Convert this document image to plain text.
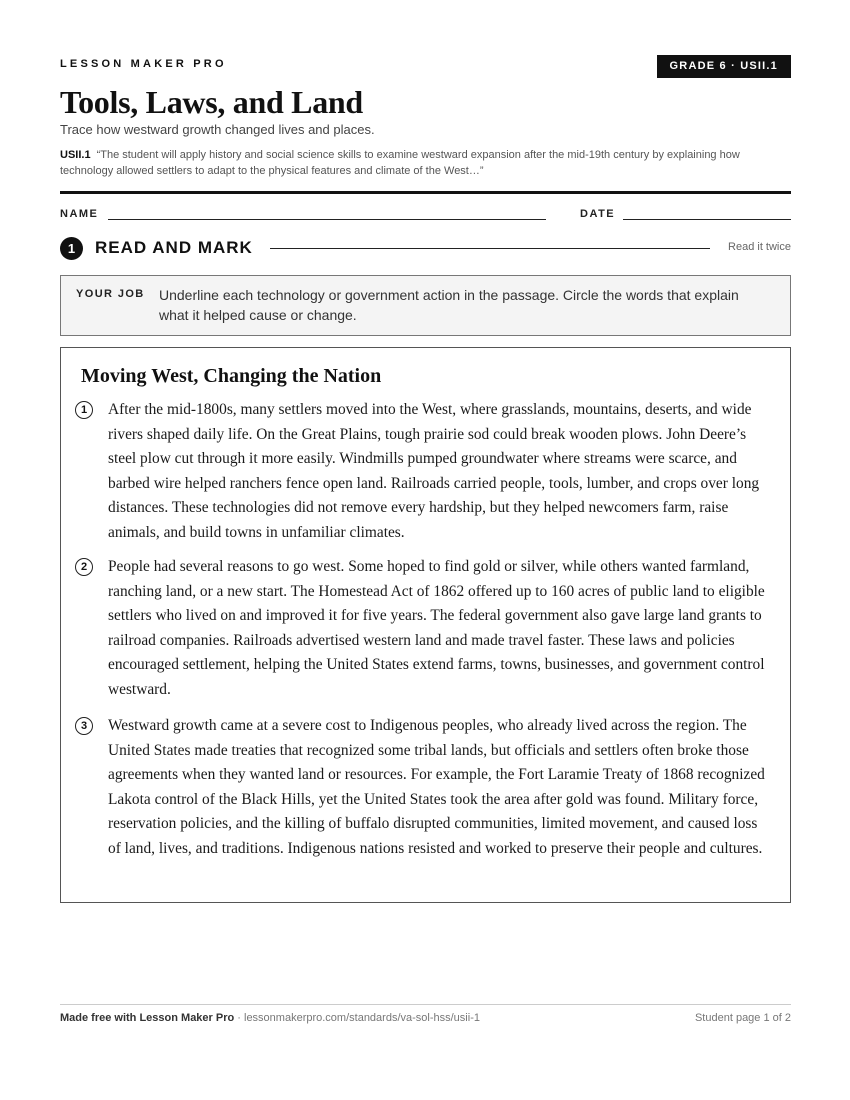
LESSON MAKER PRO	GRADE 6 · USII.1
Tools, Laws, and Land
Trace how westward growth changed lives and places.
USII.1 “The student will apply history and social science skills to examine westward expansion after the mid-19th century by explaining how technology allowed settlers to adapt to the physical features and climate of the West…”
NAME	DATE
1	READ AND MARK	Read it twice
YOUR JOB Underline each technology or government action in the passage. Circle the words that explain what it helped cause or change.
Moving West, Changing the Nation
1	After the mid-1800s, many settlers moved into the West, where grasslands, mountains, deserts, and wide rivers shaped daily life. On the Great Plains, tough prairie sod could break wooden plows. John Deere’s steel plow cut through it more easily. Windmills pumped groundwater where streams were scarce, and barbed wire helped ranchers fence open land. Railroads carried people, tools, lumber, and crops over long distances. These technologies did not remove every hardship, but they helped newcomers farm, raise animals, and build towns in unfamiliar climates.
2	People had several reasons to go west. Some hoped to find gold or silver, while others wanted farmland, ranching land, or a new start. The Homestead Act of 1862 offered up to 160 acres of public land to eligible settlers who lived on and improved it for five years. The federal government also gave large land grants to railroad companies. Railroads advertised western land and made travel faster. These laws and policies encouraged settlement, helping the United States extend farms, towns, businesses, and government control westward.
3	Westward growth came at a severe cost to Indigenous peoples, who already lived across the region. The United States made treaties that recognized some tribal lands, but officials and settlers often broke those agreements when they wanted land or resources. For example, the Fort Laramie Treaty of 1868 recognized Lakota control of the Black Hills, yet the United States took the area after gold was found. Military force, reservation policies, and the killing of buffalo disrupted communities, limited movement, and caused loss of land, lives, and traditions. Indigenous nations resisted and worked to preserve their people and cultures.
Made free with Lesson Maker Pro · lessonmakerpro.com/standards/va-sol-hss/usii-1	Student page 1 of 2
